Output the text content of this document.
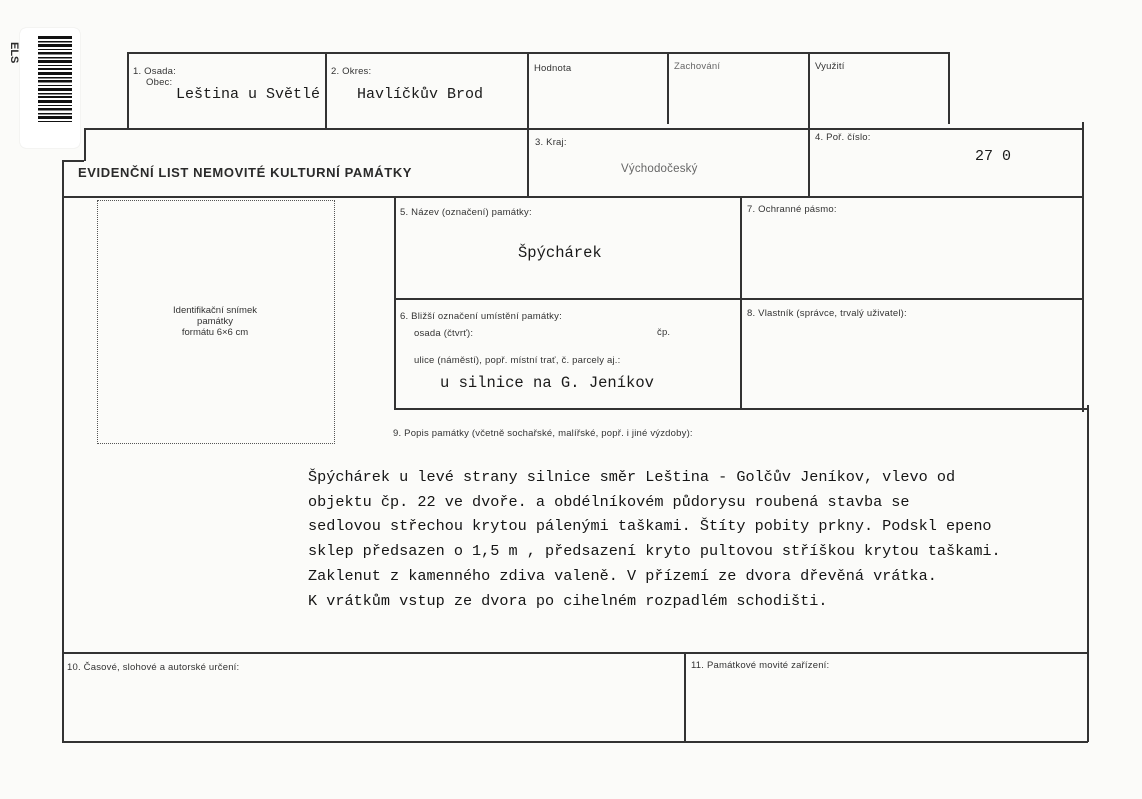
ELS
1. Osada:
Obec:
Leština u Světlé
2. Okres:
Havlíčkův Brod
Hodnota	Zachování	Využití
EVIDENČNÍ LIST NEMOVITÉ KULTURNÍ PAMÁTKY
3. Kraj:
Východočeský
4. Poř. číslo:
27 0
Identifikační snímek
památky
formátu 6×6 cm
5. Název (označení) památky:
Špýchárek
7. Ochranné pásmo:
6. Bližší označení umístění památky:
osada (čtvrť):	čp.
ulice (náměstí), popř. místní trať, č. parcely aj.:
u silnice na G. Jeníkov
8. Vlastník (správce, trvalý uživatel):
9. Popis památky (včetně sochařské, malířské, popř. i jiné výzdoby):
Špýchárek u levé strany silnice směr Leština - Golčův Jeníkov, vlevo od
objektu čp. 22 ve dvoře. a obdélníkovém půdorysu roubená stavba se
sedlovou střechou krytou pálenými taškami. Štíty pobity prkny. Podskl epeno
sklep předsazen o 1,5 m , předsazení kryto pultovou stříškou krytou taškami.
Zaklenut z kamenného zdiva valeně. V přízemí ze dvora dřevěná vrátka.
K vrátkům vstup ze dvora po cihelném rozpadlém schodišti.
10. Časové, slohové a autorské určení:	11. Památkové movité zařízení:
